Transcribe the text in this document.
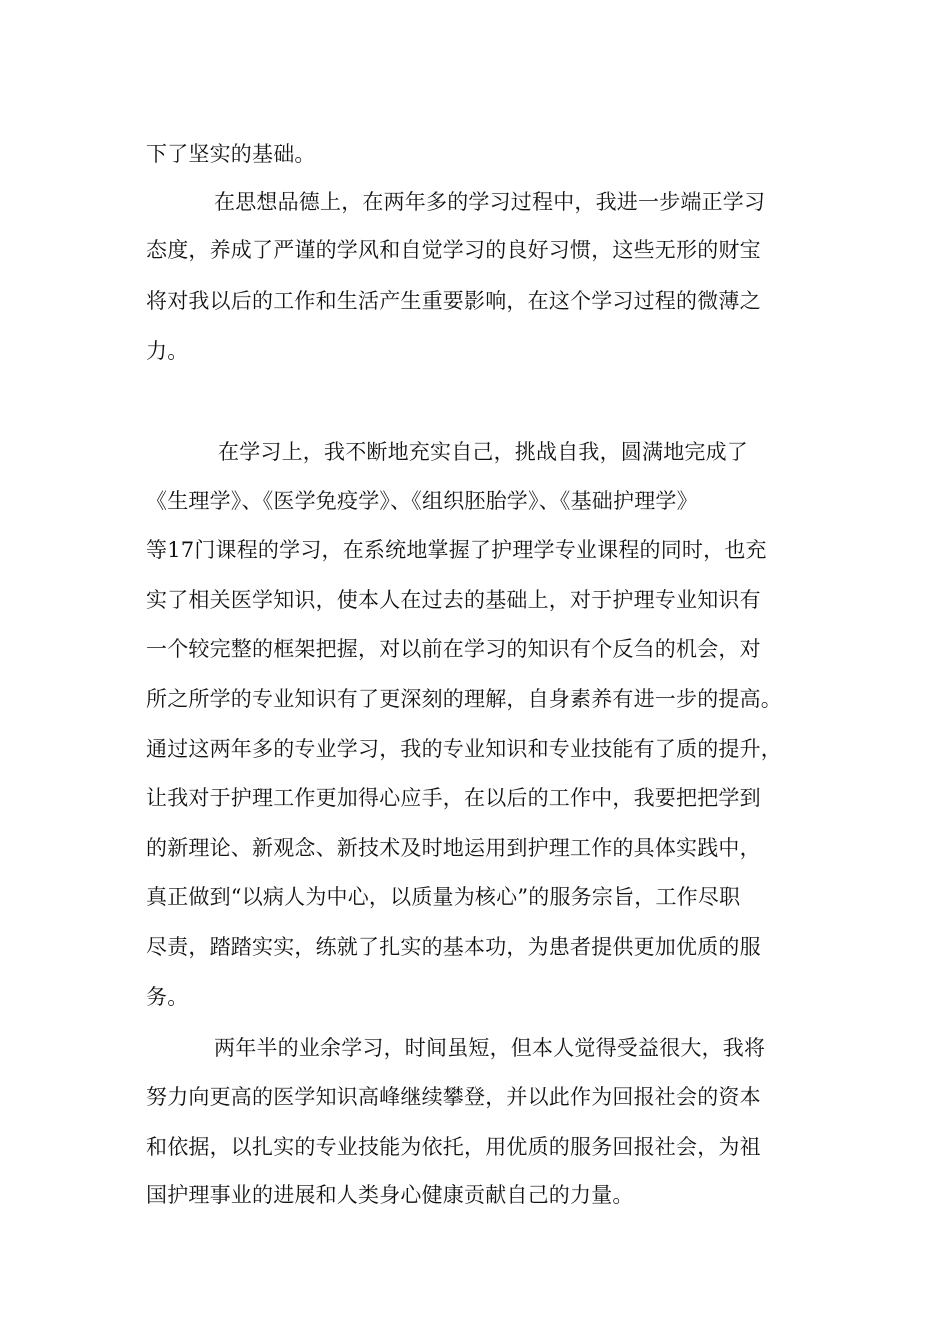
下了坚实的基础。

在思想品德上，在两年多的学习过程中，我进一步端正学习

态度，养成了严谨的学风和自觉学习的良好习惯，这些无形的财宝

将对我以后的工作和生活产生重要影响，在这个学习过程的微薄之

力。

在学习上，我不断地充实自己，挑战自我，圆满地完成了

《生理学》、《医学免疫学》、《组织胚胎学》、《基础护理学》

等17门课程的学习，在系统地掌握了护理学专业课程的同时，也充

实了相关医学知识，使本人在过去的基础上，对于护理专业知识有

一个较完整的框架把握，对以前在学习的知识有个反刍的机会，对

所之所学的专业知识有了更深刻的理解，自身素养有进一步的提高。

通过这两年多的专业学习，我的专业知识和专业技能有了质的提升，

让我对于护理工作更加得心应手，在以后的工作中，我要把把学到

的新理论、新观念、新技术及时地运用到护理工作的具体实践中，

真正做到“以病人为中心，以质量为核心”的服务宗旨，工作尽职

尽责，踏踏实实，练就了扎实的基本功，为患者提供更加优质的服

务。

两年半的业余学习，时间虽短，但本人觉得受益很大，我将

努力向更高的医学知识高峰继续攀登，并以此作为回报社会的资本

和依据，以扎实的专业技能为依托，用优质的服务回报社会，为祖

国护理事业的进展和人类身心健康贡献自己的力量。
